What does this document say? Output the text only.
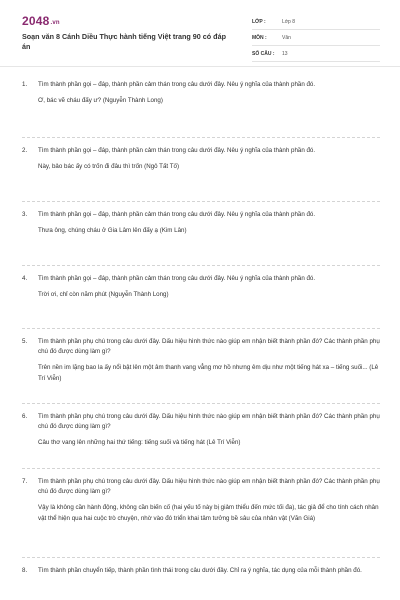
2048.vn
Soạn văn 8 Cánh Diều Thực hành tiếng Việt trang 90 có đáp án
LỚP :	Lớp 8
MÔN :	Văn
SỐ CÂU : 13
1. Tìm thành phần gọi – đáp, thành phần cảm thán trong câu dưới đây. Nêu ý nghĩa của thành phần đó.
Ơ, bác vẽ cháu đấy ư? (Nguyễn Thành Long)
2. Tìm thành phần gọi – đáp, thành phần cảm thán trong câu dưới đây. Nêu ý nghĩa của thành phần đó.
Này, bảo bác ấy có trốn đi đâu thì trốn (Ngô Tất Tố)
3. Tìm thành phần gọi – đáp, thành phần cảm thán trong câu dưới đây. Nêu ý nghĩa của thành phần đó.
Thưa ông, chúng cháu ở Gia Lâm lên đấy ạ (Kim Lân)
4. Tìm thành phần gọi – đáp, thành phần cảm thán trong câu dưới đây. Nêu ý nghĩa của thành phần đó.
Trời ơi, chỉ còn năm phút (Nguyễn Thành Long)
5. Tìm thành phần phụ chú trong câu dưới đây. Dấu hiệu hình thức nào giúp em nhận biết thành phần đó? Các thành phần phụ chú đó được dùng làm gì?
Trên nền im lặng bao la ấy nổi bật lên một âm thanh vang vẳng mơ hồ nhưng êm dịu như một tiếng hát xa – tiếng suối... (Lê Trí Viễn)
6. Tìm thành phần phụ chú trong câu dưới đây. Dấu hiệu hình thức nào giúp em nhận biết thành phần đó? Các thành phần phụ chú đó được dùng làm gì?
Câu thơ vang lên những hai thứ tiếng: tiếng suối và tiếng hát (Lê Trí Viễn)
7. Tìm thành phần phụ chú trong câu dưới đây. Dấu hiệu hình thức nào giúp em nhận biết thành phần đó? Các thành phần phụ chú đó được dùng làm gì?
Vậy là không cần hành động, không cần biến cố (hai yếu tố này bị giảm thiểu đến mức tối đa), tác giả để cho tính cách nhân vật thể hiện qua hai cuộc trò chuyện, nhờ vào đó triển khai tâm tưởng bề sâu của nhân vật (Văn Giá)
8. Tìm thành phần chuyển tiếp, thành phần tình thái trong câu dưới đây. Chỉ ra ý nghĩa, tác dụng của mỗi thành phần đó.
